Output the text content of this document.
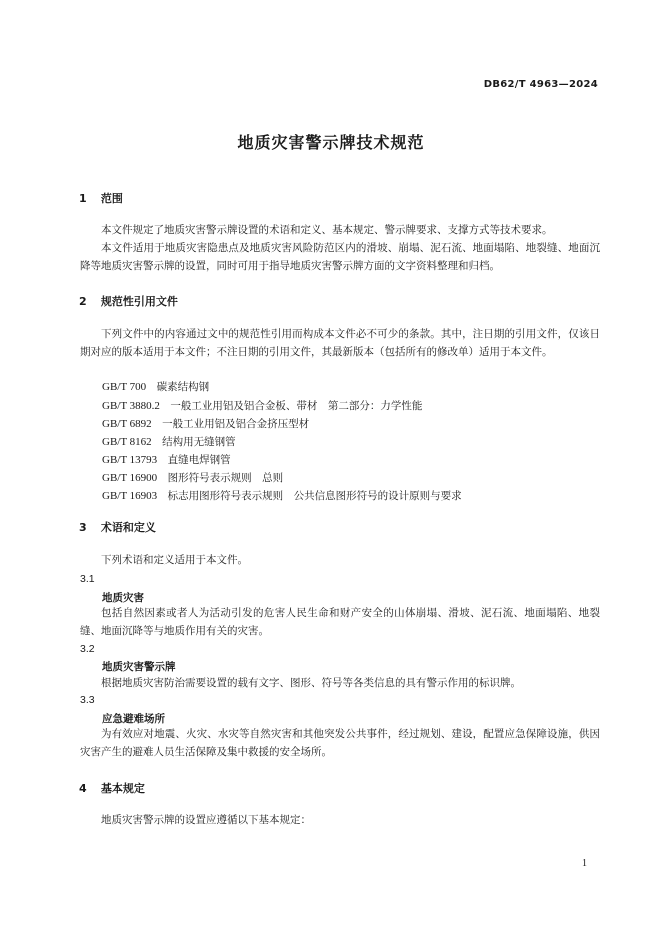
DB62/T 4963—2024
地质灾害警示牌技术规范
1 范围

本文件规定了地质灾害警示牌设置的术语和定义、基本规定、警示牌要求、支撑方式等技术要求。

本文件适用于地质灾害隐患点及地质灾害风险防范区内的滑坡、崩塌、泥石流、地面塌陷、地裂缝、地面沉降等地质灾害警示牌的设置，同时可用于指导地质灾害警示牌方面的文字资料整理和归档。

2 规范性引用文件

下列文件中的内容通过文中的规范性引用而构成本文件必不可少的条款。其中，注日期的引用文件，仅该日期对应的版本适用于本文件；不注日期的引用文件，其最新版本（包括所有的修改单）适用于本文件。

GB/T 700　 碳素结构钢
GB/T 3880.2　 一般工业用铝及铝合金板、带材　第二部分：力学性能
GB/T 6892　 一般工业用铝及铝合金挤压型材
GB/T 8162　 结构用无缝钢管
GB/T 13793　 直缝电焊钢管
GB/T 16900　 图形符号表示规则　总则
GB/T 16903　 标志用图形符号表示规则　公共信息图形符号的设计原则与要求
3 术语和定义

下列术语和定义适用于本文件。

3.1
地质灾害

包括自然因素或者人为活动引发的危害人民生命和财产安全的山体崩塌、滑坡、泥石流、地面塌陷、地裂缝、地面沉降等与地质作用有关的灾害。

3.2
地质灾害警示牌

根据地质灾害防治需要设置的载有文字、图形、符号等各类信息的具有警示作用的标识牌。

3.3
应急避难场所

为有效应对地震、火灾、水灾等自然灾害和其他突发公共事件，经过规划、建设，配置应急保障设施，供因灾害产生的避难人员生活保障及集中救援的安全场所。

4 基本规定

地质灾害警示牌的设置应遵循以下基本规定：

1
